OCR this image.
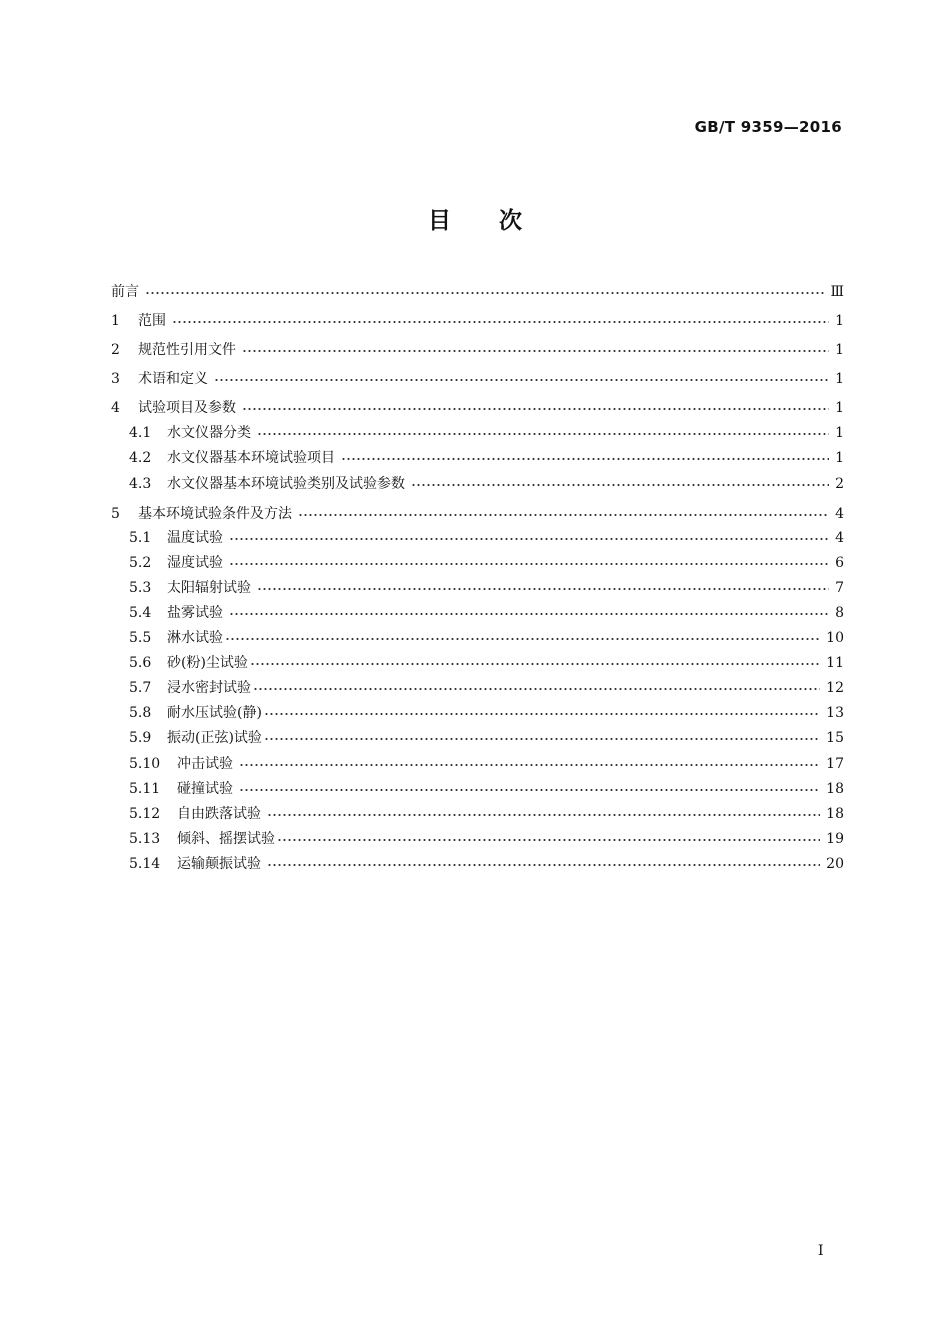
GB/T 9359—2016
目次
前言	Ⅲ
1	范围	1
2	规范性引用文件	1
3	术语和定义	1
4	试验项目及参数	1
4.1	水文仪器分类	1
4.2	水文仪器基本环境试验项目	1
4.3	水文仪器基本环境试验类别及试验参数	2
5	基本环境试验条件及方法	4
5.1	温度试验	4
5.2	湿度试验	6
5.3	太阳辐射试验	7
5.4	盐雾试验	8
5.5	淋水试验	10
5.6	砂(粉)尘试验	11
5.7	浸水密封试验	12
5.8	耐水压试验(静)	13
5.9	振动(正弦)试验	15
5.10	冲击试验	17
5.11	碰撞试验	18
5.12	自由跌落试验	18
5.13	倾斜、摇摆试验	19
5.14	运输颠振试验	20
I
